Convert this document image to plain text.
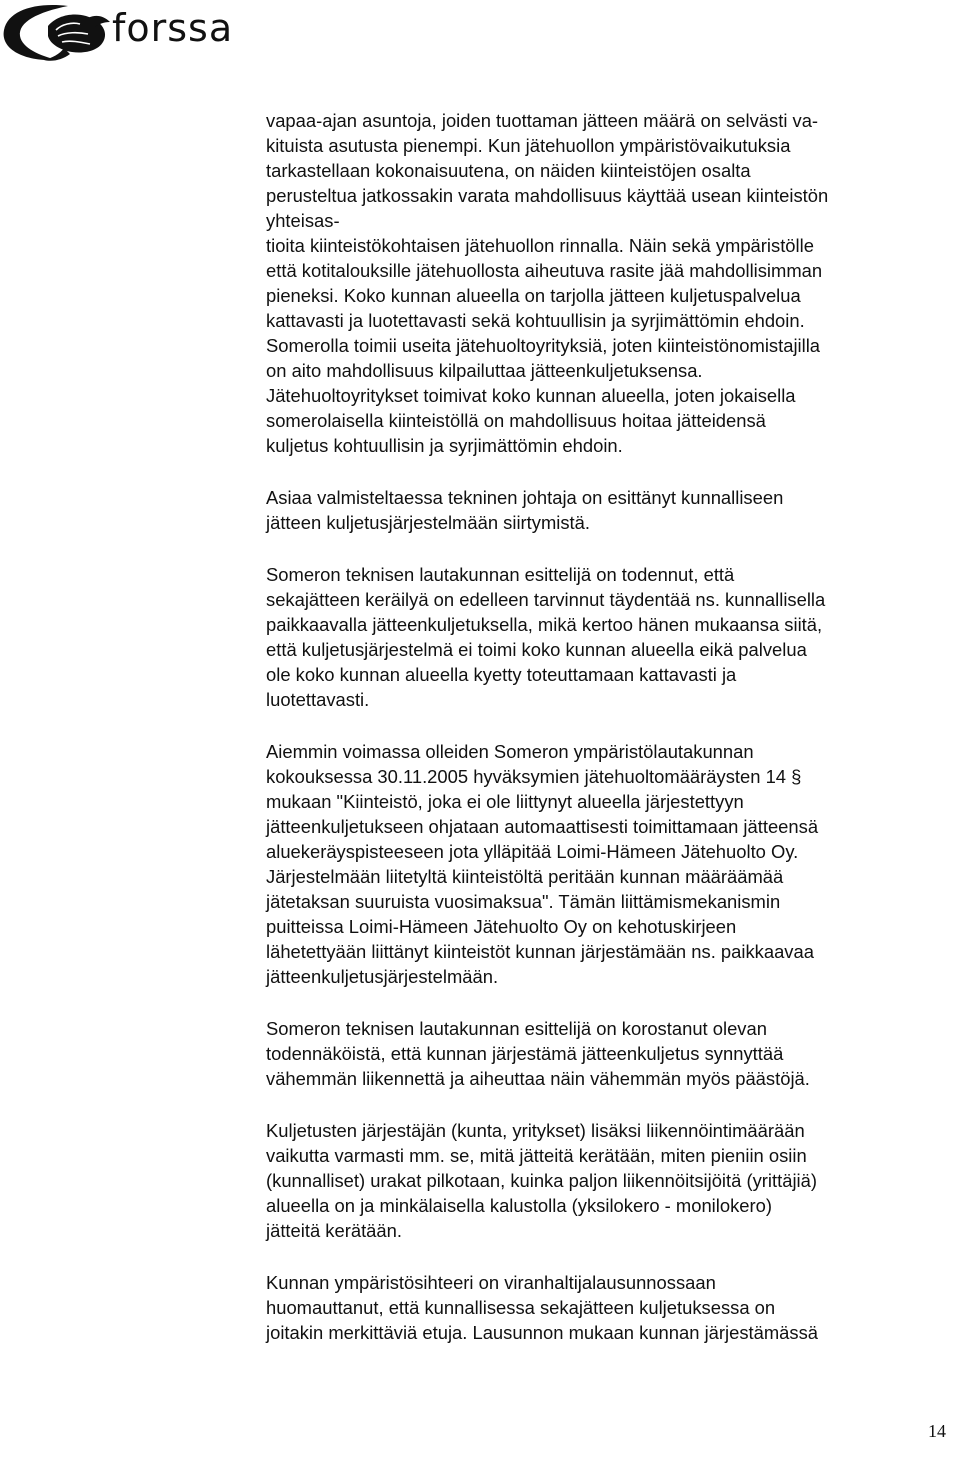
forssa

vapaa-ajan asuntoja, joiden tuottaman jätteen määrä on selvästi va-
kituista asutusta pienempi. Kun jätehuollon ympäristövaikutuksia
tarkastellaan kokonaisuutena, on näiden kiinteistöjen osalta
perusteltua jatkossakin varata mahdollisuus käyttää usean kiinteistön
yhteisas-
tioita kiinteistökohtaisen jätehuollon rinnalla. Näin sekä ympäristölle
että kotitalouksille jätehuollosta aiheutuva rasite jää mahdollisimman
pieneksi. Koko kunnan alueella on tarjolla jätteen kuljetuspalvelua
kattavasti ja luotettavasti sekä kohtuullisin ja syrjimättömin ehdoin.
Somerolla toimii useita jätehuoltoyrityksiä, joten kiinteistönomistajilla
on aito mahdollisuus kilpailuttaa jätteenkuljetuksensa.
Jätehuoltoyritykset toimivat koko kunnan alueella, joten jokaisella
somerolaisella kiinteistöllä on mahdollisuus hoitaa jätteidensä
kuljetus kohtuullisin ja syrjimättömin ehdoin.

Asiaa valmisteltaessa tekninen johtaja on esittänyt kunnalliseen
jätteen kuljetusjärjestelmään siirtymistä.

Someron teknisen lautakunnan esittelijä on todennut, että
sekajätteen keräilyä on edelleen tarvinnut täydentää ns. kunnallisella
paikkaavalla jätteenkuljetuksella, mikä kertoo hänen mukaansa siitä,
että kuljetusjärjestelmä ei toimi koko kunnan alueella eikä palvelua
ole koko kunnan alueella kyetty toteuttamaan kattavasti ja
luotettavasti.

Aiemmin voimassa olleiden Someron ympäristölautakunnan
kokouksessa 30.11.2005 hyväksymien jätehuoltomääräysten 14 §
mukaan "Kiinteistö, joka ei ole liittynyt alueella järjestettyyn
jätteenkuljetukseen ohjataan automaattisesti toimittamaan jätteensä
aluekeräyspisteeseen jota ylläpitää Loimi-Hämeen Jätehuolto Oy.
Järjestelmään liitetyltä kiinteistöltä peritään kunnan määräämää
jätetaksan suuruista vuosimaksua". Tämän liittämismekanismin
puitteissa Loimi-Hämeen Jätehuolto Oy on kehotuskirjeen
lähetettyään liittänyt kiinteistöt kunnan järjestämään ns. paikkaavaa
jätteenkuljetusjärjestelmään.

Someron teknisen lautakunnan esittelijä on korostanut olevan
todennäköistä, että kunnan järjestämä jätteenkuljetus synnyttää
vähemmän liikennettä ja aiheuttaa näin vähemmän myös päästöjä.

Kuljetusten järjestäjän (kunta, yritykset) lisäksi liikennöintimäärään
vaikutta varmasti mm. se, mitä jätteitä kerätään, miten pieniin osiin
(kunnalliset) urakat pilkotaan, kuinka paljon liikennöitsijöitä (yrittäjiä)
alueella on ja minkälaisella kalustolla (yksilokero - monilokero)
jätteitä kerätään.

Kunnan ympäristösihteeri on viranhaltijalausunnossaan
huomauttanut, että kunnallisessa sekajätteen kuljetuksessa on
joitakin merkittäviä etuja. Lausunnon mukaan kunnan järjestämässä

14
